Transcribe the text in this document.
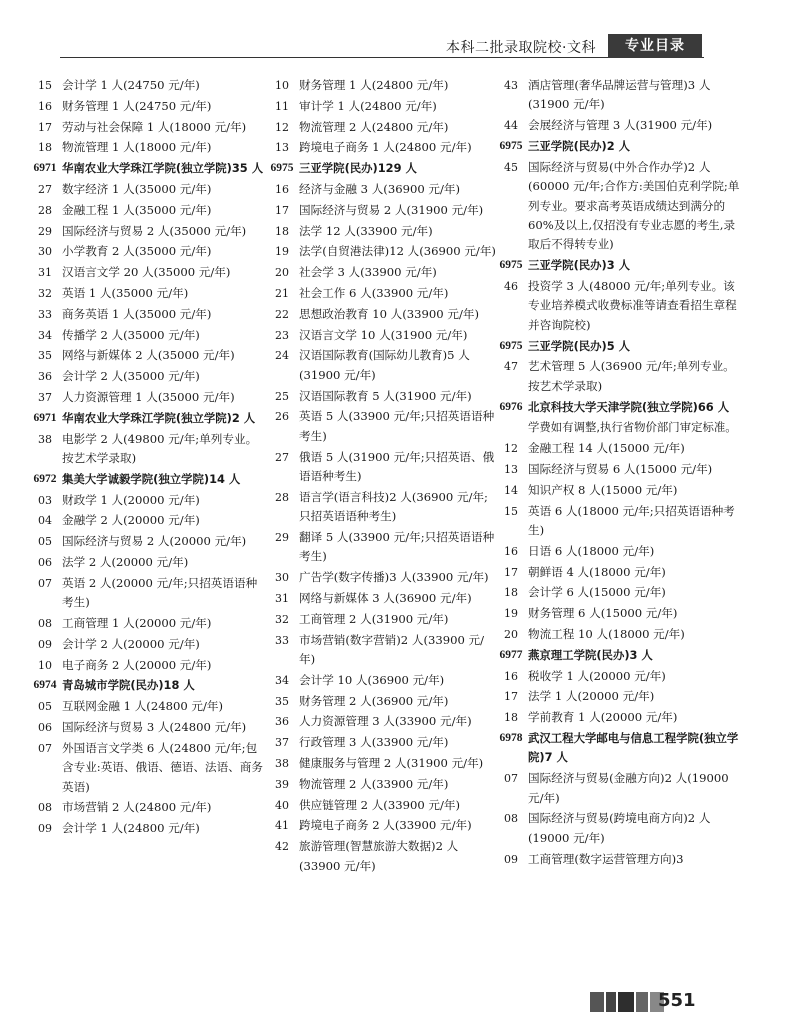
本科二批录取院校·文科	专业目录
15 会计学 1 人(24750 元/年)
16 财务管理 1 人(24750 元/年)
17 劳动与社会保障 1 人(18000 元/年)
18 物流管理 1 人(18000 元/年)
6971 华南农业大学珠江学院(独立学院)35 人
27 数字经济 1 人(35000 元/年)
28 金融工程 1 人(35000 元/年)
29 国际经济与贸易 2 人(35000 元/年)
30 小学教育 2 人(35000 元/年)
31 汉语言文学 20 人(35000 元/年)
32 英语 1 人(35000 元/年)
33 商务英语 1 人(35000 元/年)
34 传播学 2 人(35000 元/年)
35 网络与新媒体 2 人(35000 元/年)
36 会计学 2 人(35000 元/年)
37 人力资源管理 1 人(35000 元/年)
6971 华南农业大学珠江学院(独立学院)2 人
38 电影学 2 人(49800 元/年;单列专业。按艺术学录取)
6972 集美大学诚毅学院(独立学院)14 人
03 财政学 1 人(20000 元/年)
04 金融学 2 人(20000 元/年)
05 国际经济与贸易 2 人(20000 元/年)
06 法学 2 人(20000 元/年)
07 英语 2 人(20000 元/年;只招英语语种考生)
08 工商管理 1 人(20000 元/年)
09 会计学 2 人(20000 元/年)
10 电子商务 2 人(20000 元/年)
6974 青岛城市学院(民办)18 人
05 互联网金融 1 人(24800 元/年)
06 国际经济与贸易 3 人(24800 元/年)
07 外国语言文学类 6 人(24800 元/年;包含专业:英语、俄语、德语、法语、商务英语)
08 市场营销 2 人(24800 元/年)
09 会计学 1 人(24800 元/年)
10 财务管理 1 人(24800 元/年)
11 审计学 1 人(24800 元/年)
12 物流管理 2 人(24800 元/年)
13 跨境电子商务 1 人(24800 元/年)
6975 三亚学院(民办)129 人
16 经济与金融 3 人(36900 元/年)
17 国际经济与贸易 2 人(31900 元/年)
18 法学 12 人(33900 元/年)
19 法学(自贸港法律)12 人(36900 元/年)
20 社会学 3 人(33900 元/年)
21 社会工作 6 人(33900 元/年)
22 思想政治教育 10 人(33900 元/年)
23 汉语言文学 10 人(31900 元/年)
24 汉语国际教育(国际幼儿教育)5 人(31900 元/年)
25 汉语国际教育 5 人(31900 元/年)
26 英语 5 人(33900 元/年;只招英语语种考生)
27 俄语 5 人(31900 元/年;只招英语、俄语语种考生)
28 语言学(语言科技)2 人(36900 元/年;只招英语语种考生)
29 翻译 5 人(33900 元/年;只招英语语种考生)
30 广告学(数字传播)3 人(33900 元/年)
31 网络与新媒体 3 人(36900 元/年)
32 工商管理 2 人(31900 元/年)
33 市场营销(数字营销)2 人(33900 元/年)
34 会计学 10 人(36900 元/年)
35 财务管理 2 人(36900 元/年)
36 人力资源管理 3 人(33900 元/年)
37 行政管理 3 人(33900 元/年)
38 健康服务与管理 2 人(31900 元/年)
39 物流管理 2 人(33900 元/年)
40 供应链管理 2 人(33900 元/年)
41 跨境电子商务 2 人(33900 元/年)
42 旅游管理(智慧旅游大数据)2 人(33900 元/年)
43 酒店管理(奢华品牌运营与管理)3 人(31900 元/年)
44 会展经济与管理 3 人(31900 元/年)
6975 三亚学院(民办)2 人
45 国际经济与贸易(中外合作办学)2 人(60000 元/年;合作方:美国伯克利学院;单列专业。要求高考英语成绩达到满分的 60%及以上,仅招没有专业志愿的考生,录取后不得转专业)
6975 三亚学院(民办)3 人
46 投资学 3 人(48000 元/年;单列专业。该专业培养模式收费标准等请查看招生章程并咨询院校)
6975 三亚学院(民办)5 人
47 艺术管理 5 人(36900 元/年;单列专业。按艺术学录取)
6976 北京科技大学天津学院(独立学院)66 人
学费如有调整,执行省物价部门审定标准。
12 金融工程 14 人(15000 元/年)
13 国际经济与贸易 6 人(15000 元/年)
14 知识产权 8 人(15000 元/年)
15 英语 6 人(18000 元/年;只招英语语种考生)
16 日语 6 人(18000 元/年)
17 朝鲜语 4 人(18000 元/年)
18 会计学 6 人(15000 元/年)
19 财务管理 6 人(15000 元/年)
20 物流工程 10 人(18000 元/年)
6977 燕京理工学院(民办)3 人
16 税收学 1 人(20000 元/年)
17 法学 1 人(20000 元/年)
18 学前教育 1 人(20000 元/年)
6978 武汉工程大学邮电与信息工程学院(独立学院)7 人
07 国际经济与贸易(金融方向)2 人(19000 元/年)
08 国际经济与贸易(跨境电商方向)2 人(19000 元/年)
09 工商管理(数字运营管理方向)3
551
